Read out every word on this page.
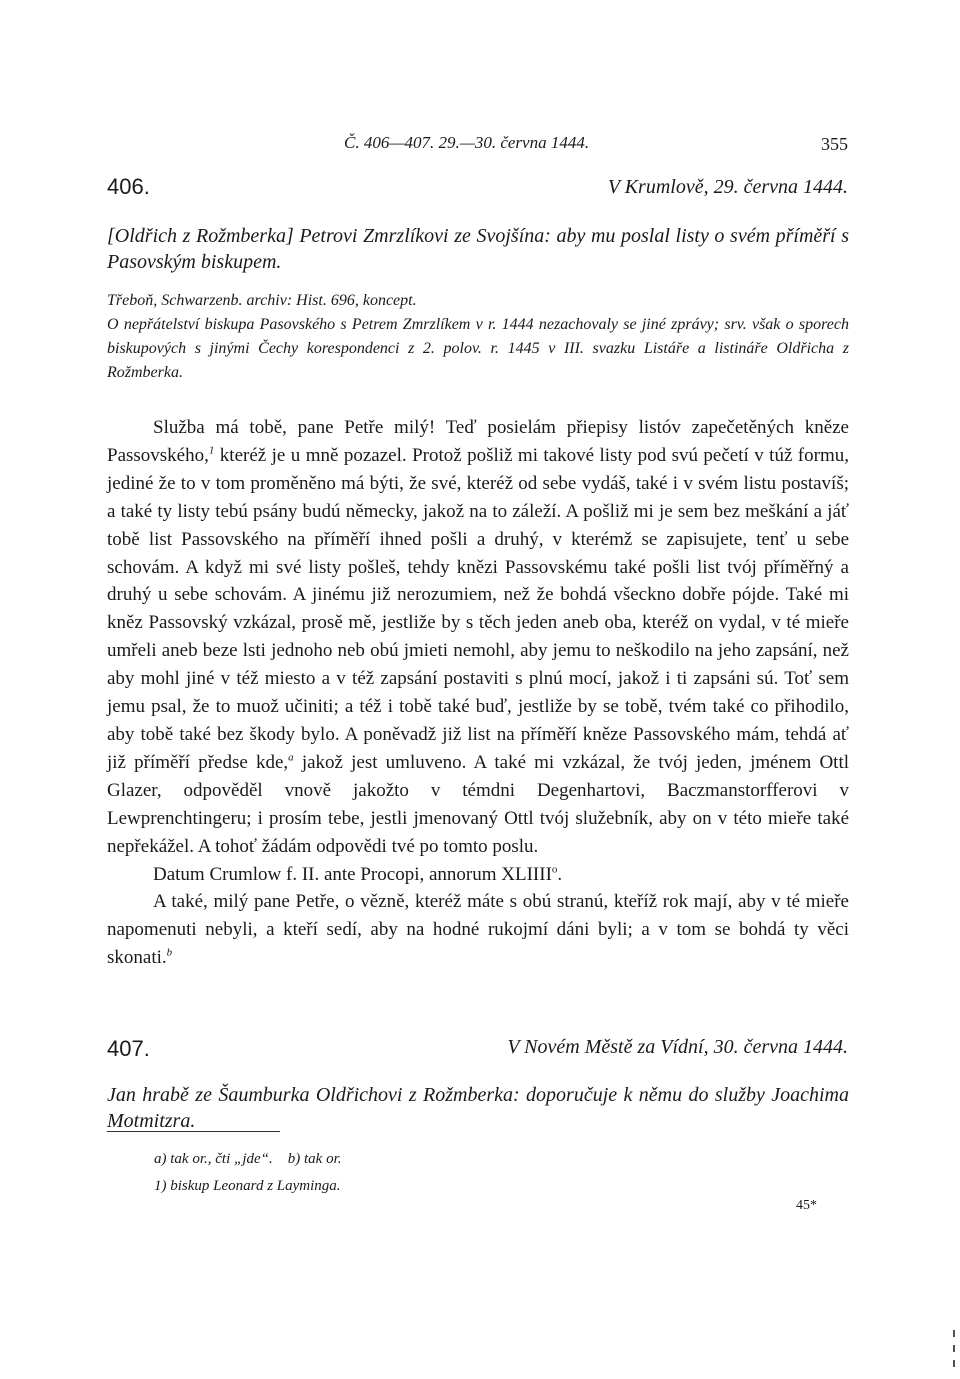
Č. 406—407. 29.—30. června 1444.	355
406.	V Krumlově, 29. června 1444.
[Oldřich z Rožmberka] Petrovi Zmrzlíkovi ze Svojšína: aby mu poslal listy o svém příměří s Pasovským biskupem.
Třeboň, Schwarzenb. archiv: Hist. 696, koncept.
O nepřátelství biskupa Pasovského s Petrem Zmrzlíkem v r. 1444 nezachovaly se jiné zprávy; srv. však o sporech biskupových s jinými Čechy korespondenci z 2. polov. r. 1445 v III. svazku Listáře a listináře Oldřicha z Rožmberka.

Služba má tobě, pane Petře milý! Teď posielám přiepisy listóv zapečetěných kněze Passovského,$^1$ kteréž je u mně pozazel. Protož pošliž mi takové listy pod svú pečetí v túž formu, jediné že to v tom proměněno má býti, že své, kteréž od sebe vydáš, také i v svém listu postavíš; a také ty listy tebú psány budú německy, jakož na to záleží. A pošliž mi je sem bez meškání a jáť tobě list Passovského na příměří ihned pošli a druhý, v kterémž se zapisujete, tenť u sebe schovám. A když mi své listy pošleš, tehdy knězi Passovskému také pošli list tvój příměřný a druhý u sebe schovám. A jinému již nerozumiem, než že bohdá všeckno dobře pójde. Také mi kněz Passovský vzkázal, prosě mě, jestliže by s těch jeden aneb oba, kteréž on vydal, v té mieře umřeli aneb beze lsti jednoho neb obú jmieti nemohl, aby jemu to neškodilo na jeho zapsání, než aby mohl jiné v též miesto a v též zapsání postaviti s plnú mocí, jakož i ti zapsáni sú. Toť sem jemu psal, že to muož učiniti; a též i tobě také buď, jestliže by se tobě, tvém také co přihodilo, aby tobě také bez škody bylo. A poněvadž již list na příměří kněze Passovského mám, tehdá ať již příměří předse kde,$^a$ jakož jest umluveno. A také mi vzkázal, že tvój jeden, jménem Ottl Glazer, odpověděl vnově jakožto v témdni Degenhartovi, Baczmanstorfferovi v Lewprenchtingeru; i prosím tebe, jestli jmenovaný Ottl tvój služebník, aby on v této mieře také nepřekážel. A tohoť žádám odpovědi tvé po tomto poslu.

Datum Crumlow f. II. ante Procopi, annorum XLIIII$^o$.

A také, milý pane Petře, o vězně, kteréž máte s obú stranú, kteříž rok mají, aby v té mieře napomenuti nebyli, a kteří sedí, aby na hodné rukojmí dáni byli; a v tom se bohdá ty věci skonati.$^b$

407.	V Novém Městě za Vídní, 30. června 1444.
Jan hrabě ze Šaumburka Oldřichovi z Rožmberka: doporučuje k němu do služby Joachima Motmitzra.
a) tak or., čti „jde“.    b) tak or.
1) biskup Leonard z Layminga.
45*
